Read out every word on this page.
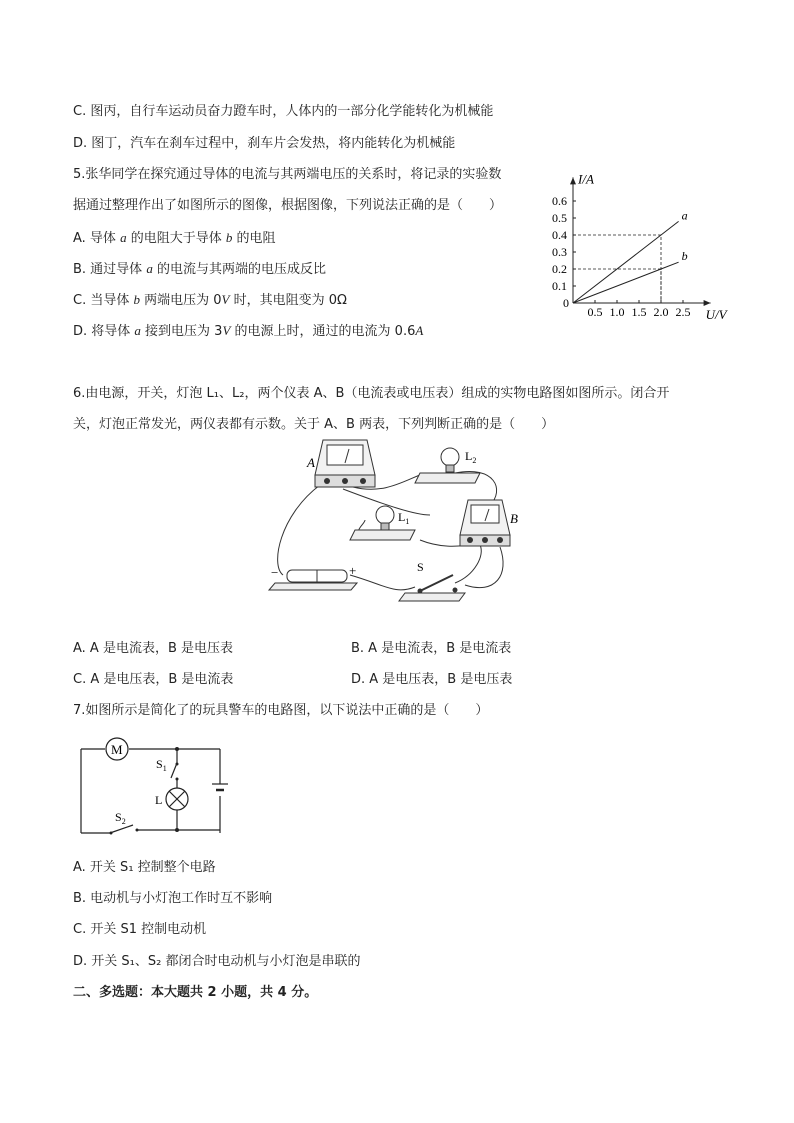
C. 图丙，自行车运动员奋力蹬车时，人体内的一部分化学能转化为机械能
D. 图丁，汽车在刹车过程中，刹车片会发热，将内能转化为机械能
5.张华同学在探究通过导体的电流与其两端电压的关系时，将记录的实验数
据通过整理作出了如图所示的图像，根据图像，下列说法正确的是（　　）
A. 导体 a 的电阻大于导体 b 的电阻
B. 通过导体 a 的电流与其两端的电压成反比
C. 当导体 b 两端电压为 0V 时，其电阻变为 0Ω
D. 将导体 a 接到电压为 3V 的电源上时，通过的电流为 0.6A
I/A
U/V
0
0.5 1.0 1.5 2.0 2.5
0.1
0.2
0.3
0.4
0.5
0.6
a
b
6.由电源，开关，灯泡 L₁、L₂，两个仪表 A、B（电流表或电压表）组成的实物电路图如图所示。闭合开
关，灯泡正常发光，两仪表都有示数。关于 A、B 两表，下列判断正确的是（　　）
A	$L_2$
$L_1$	B
−	+	S
A. A 是电流表，B 是电压表	B. A 是电流表，B 是电流表
C. A 是电压表，B 是电流表	D. A 是电压表，B 是电压表
7.如图所示是简化了的玩具警车的电路图，以下说法中正确的是（　　）
M
$S_1$
L
$S_2$
A. 开关 S₁ 控制整个电路
B. 电动机与小灯泡工作时互不影响
C. 开关 S1 控制电动机
D. 开关 S₁、S₂ 都闭合时电动机与小灯泡是串联的
二、多选题：本大题共 2 小题，共 4 分。
